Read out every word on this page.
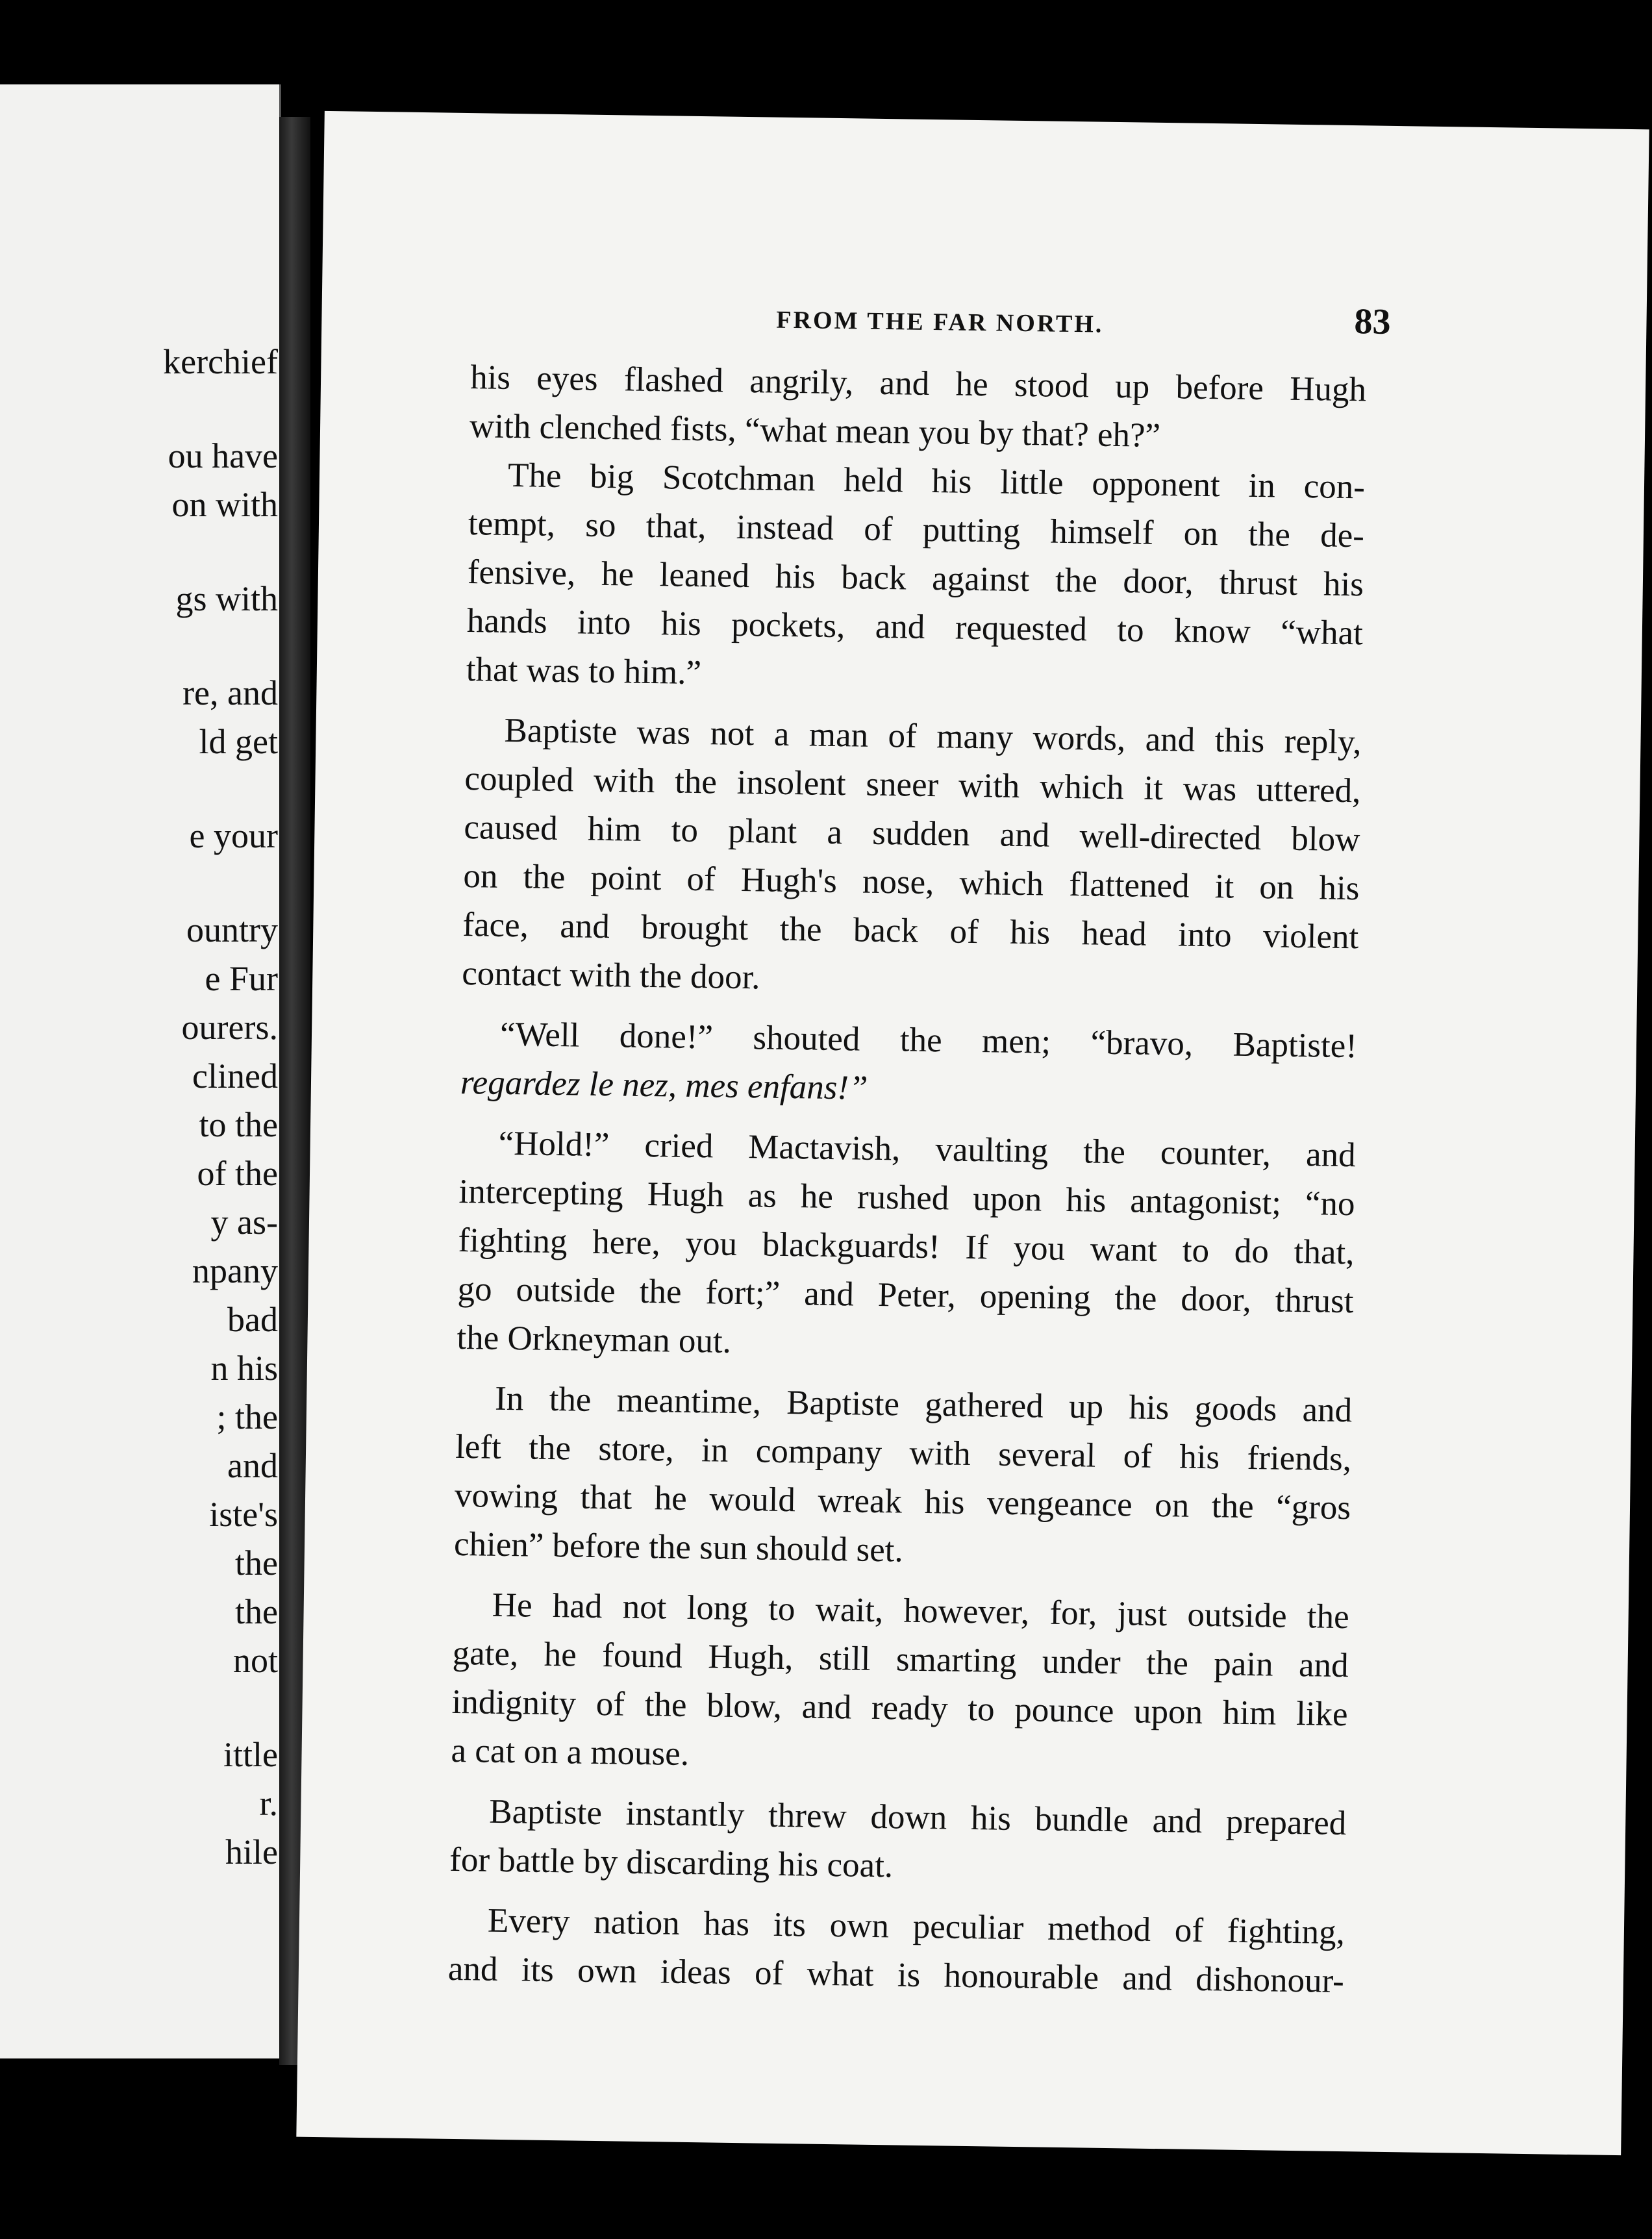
kerchief
ou have
on with
gs with
re, and
ld get
e your
ountry
e Fur
ourers.
clined
to the
of the
y as-
npany
bad
n his
; the
and
iste's
the
the
not
ittle
r.
hile
FROM THE FAR NORTH.	83
his eyes flashed angrily, and he stood up before Hugh
with clenched fists, “what mean you by that? eh?”
The big Scotchman held his little opponent in con-
tempt, so that, instead of putting himself on the de-
fensive, he leaned his back against the door, thrust his
hands into his pockets, and requested to know “what
that was to him.”
Baptiste was not a man of many words, and this reply,
coupled with the insolent sneer with which it was uttered,
caused him to plant a sudden and well-directed blow
on the point of Hugh's nose, which flattened it on his
face, and brought the back of his head into violent
contact with the door.
“Well done!” shouted the men; “bravo, Baptiste!
regardez le nez, mes enfans!”
“Hold!” cried Mactavish, vaulting the counter, and
intercepting Hugh as he rushed upon his antagonist; “no
fighting here, you blackguards! If you want to do that,
go outside the fort;” and Peter, opening the door, thrust
the Orkneyman out.
In the meantime, Baptiste gathered up his goods and
left the store, in company with several of his friends,
vowing that he would wreak his vengeance on the “gros
chien” before the sun should set.
He had not long to wait, however, for, just outside the
gate, he found Hugh, still smarting under the pain and
indignity of the blow, and ready to pounce upon him like
a cat on a mouse.
Baptiste instantly threw down his bundle and prepared
for battle by discarding his coat.
Every nation has its own peculiar method of fighting,
and its own ideas of what is honourable and dishonour-
